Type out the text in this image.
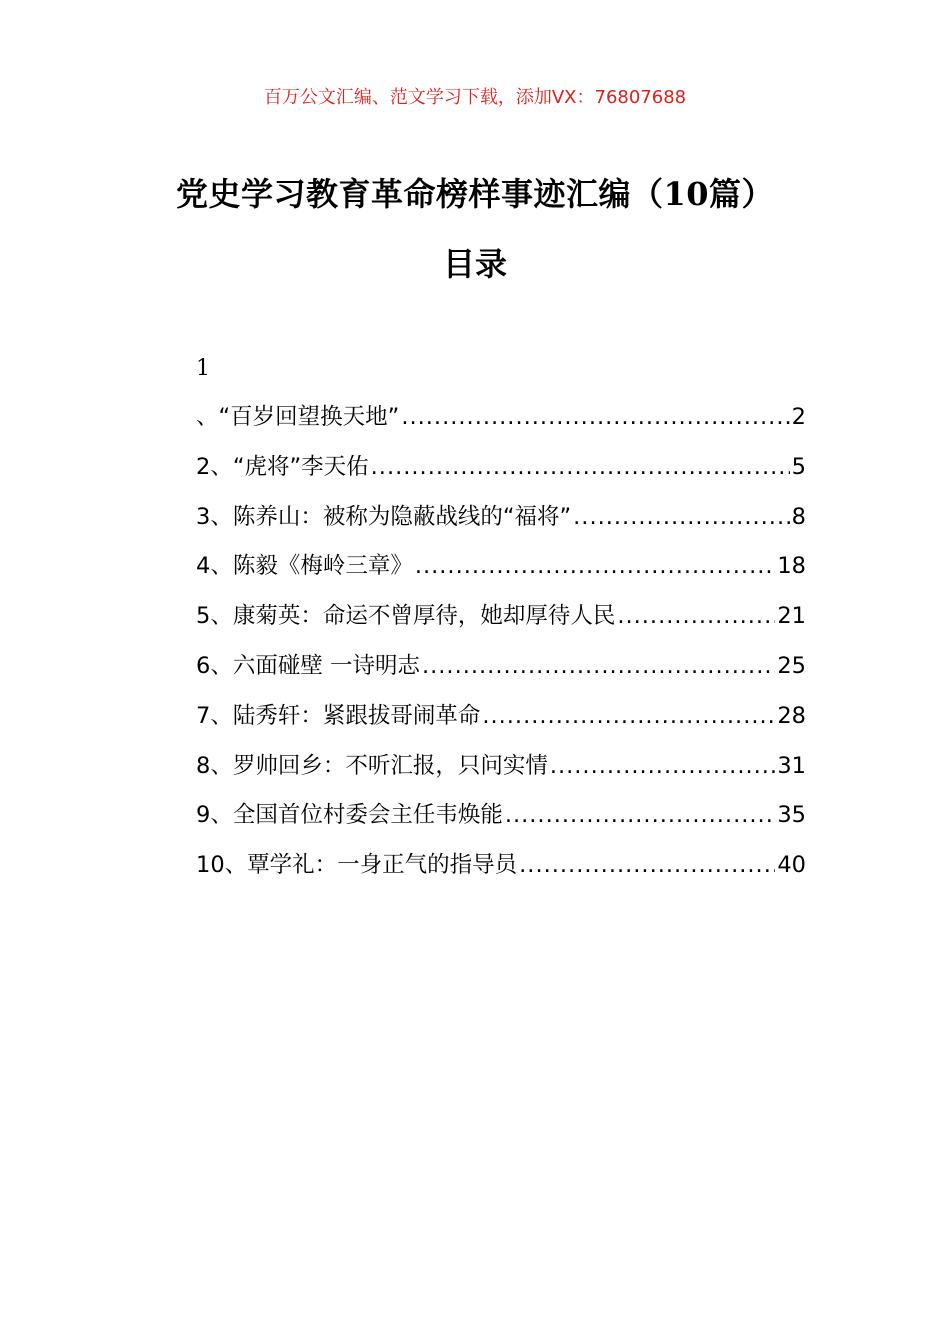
百万公文汇编、范文学习下载，添加VX：76807688
党史学习教育革命榜样事迹汇编（10篇）
目录
1
、“百岁回望换天地” .....	2
2、“虎将”李天佑 .....	5
3、陈养山：被称为隐蔽战线的“福将” .....	8
4、陈毅《梅岭三章》 .....	18
5、康菊英：命运不曾厚待，她却厚待人民 .....	21
6、六面碰壁 一诗明志 .....	25
7、陆秀轩：紧跟拔哥闹革命 .....	28
8、罗帅回乡：不听汇报，只问实情 .....	31
9、全国首位村委会主任韦焕能 .....	35
10、覃学礼：一身正气的指导员 .....	40
